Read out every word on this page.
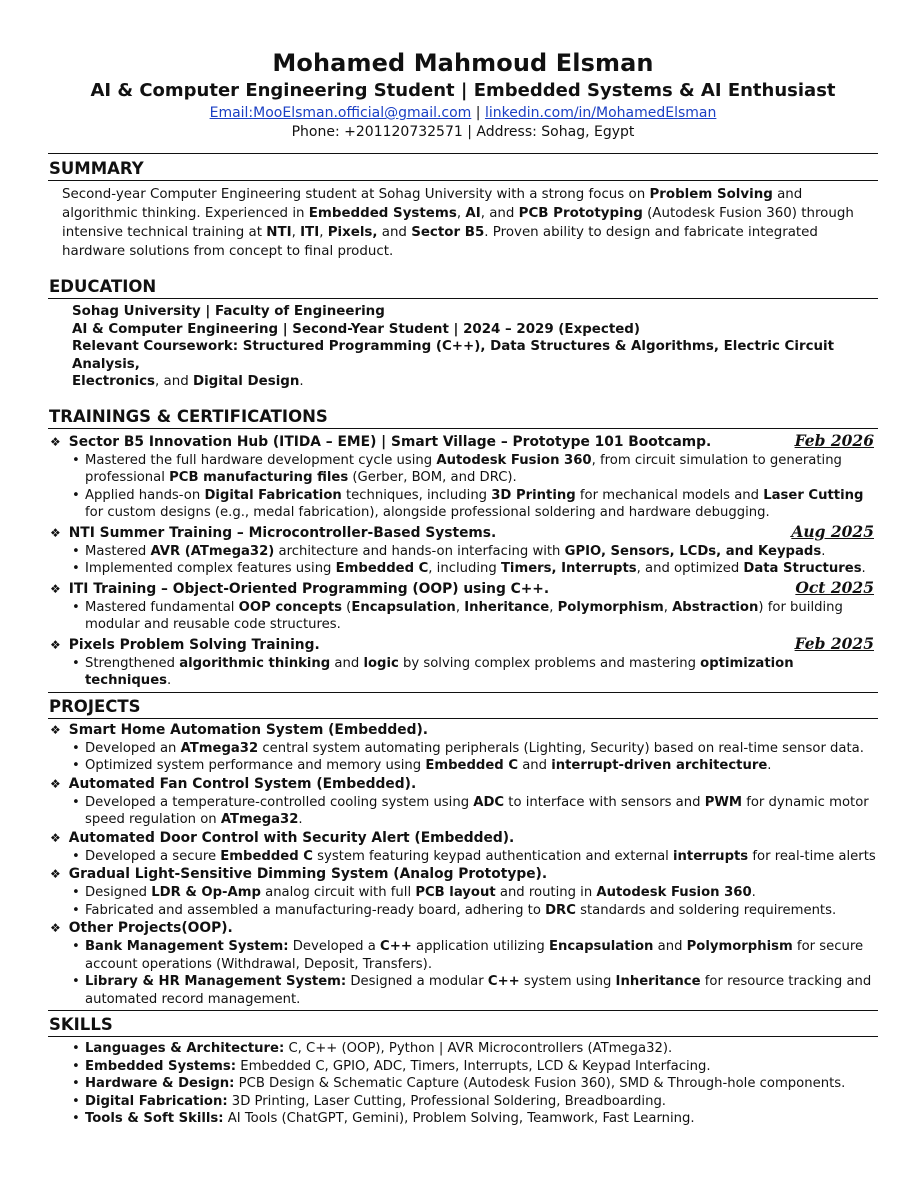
Mohamed Mahmoud Elsman

AI & Computer Engineering Student | Embedded Systems & AI Enthusiast

Email:MooElsman.official@gmail.com | linkedin.com/in/MohamedElsman

Phone: +201120732571 | Address: Sohag, Egypt

SUMMARY

Second-year Computer Engineering student at Sohag University with a strong focus on Problem Solving and algorithmic thinking. Experienced in Embedded Systems, AI, and PCB Prototyping (Autodesk Fusion 360) through intensive technical training at NTI, ITI, Pixels, and Sector B5. Proven ability to design and fabricate integrated hardware solutions from concept to final product.

EDUCATION

Sohag University | Faculty of Engineering

AI & Computer Engineering | Second-Year Student | 2024 – 2029 (Expected)

Relevant Coursework: Structured Programming (C++), Data Structures & Algorithms, Electric Circuit Analysis,
Electronics, and Digital Design.

TRAININGS & CERTIFICATIONS

❖ Sector B5 Innovation Hub (ITIDA – EME) | Smart Village – Prototype 101 Bootcamp.	Feb 2026
• Mastered the full hardware development cycle using Autodesk Fusion 360, from circuit simulation to generating professional PCB manufacturing files (Gerber, BOM, and DRC).
• Applied hands-on Digital Fabrication techniques, including 3D Printing for mechanical models and Laser Cutting for custom designs (e.g., medal fabrication), alongside professional soldering and hardware debugging.
❖ NTI Summer Training – Microcontroller-Based Systems.	Aug 2025
• Mastered AVR (ATmega32) architecture and hands-on interfacing with GPIO, Sensors, LCDs, and Keypads.
• Implemented complex features using Embedded C, including Timers, Interrupts, and optimized Data Structures.
❖ ITI Training – Object-Oriented Programming (OOP) using C++.	Oct 2025
• Mastered fundamental OOP concepts (Encapsulation, Inheritance, Polymorphism, Abstraction) for building modular and reusable code structures.
❖ Pixels Problem Solving Training.	Feb 2025
• Strengthened algorithmic thinking and logic by solving complex problems and mastering optimization techniques.

PROJECTS

❖ Smart Home Automation System (Embedded).
• Developed an ATmega32 central system automating peripherals (Lighting, Security) based on real-time sensor data.
• Optimized system performance and memory using Embedded C and interrupt-driven architecture.
❖ Automated Fan Control System (Embedded).
• Developed a temperature-controlled cooling system using ADC to interface with sensors and PWM for dynamic motor speed regulation on ATmega32.
❖ Automated Door Control with Security Alert (Embedded).
• Developed a secure Embedded C system featuring keypad authentication and external interrupts for real-time alerts
❖ Gradual Light-Sensitive Dimming System (Analog Prototype).
• Designed LDR & Op-Amp analog circuit with full PCB layout and routing in Autodesk Fusion 360.
• Fabricated and assembled a manufacturing-ready board, adhering to DRC standards and soldering requirements.
❖ Other Projects(OOP).
• Bank Management System: Developed a C++ application utilizing Encapsulation and Polymorphism for secure account operations (Withdrawal, Deposit, Transfers).
• Library & HR Management System: Designed a modular C++ system using Inheritance for resource tracking and automated record management.

SKILLS

• Languages & Architecture: C, C++ (OOP), Python | AVR Microcontrollers (ATmega32).
• Embedded Systems: Embedded C, GPIO, ADC, Timers, Interrupts, LCD & Keypad Interfacing.
• Hardware & Design: PCB Design & Schematic Capture (Autodesk Fusion 360), SMD & Through-hole components.
• Digital Fabrication: 3D Printing, Laser Cutting, Professional Soldering, Breadboarding.
• Tools & Soft Skills: AI Tools (ChatGPT, Gemini), Problem Solving, Teamwork, Fast Learning.
